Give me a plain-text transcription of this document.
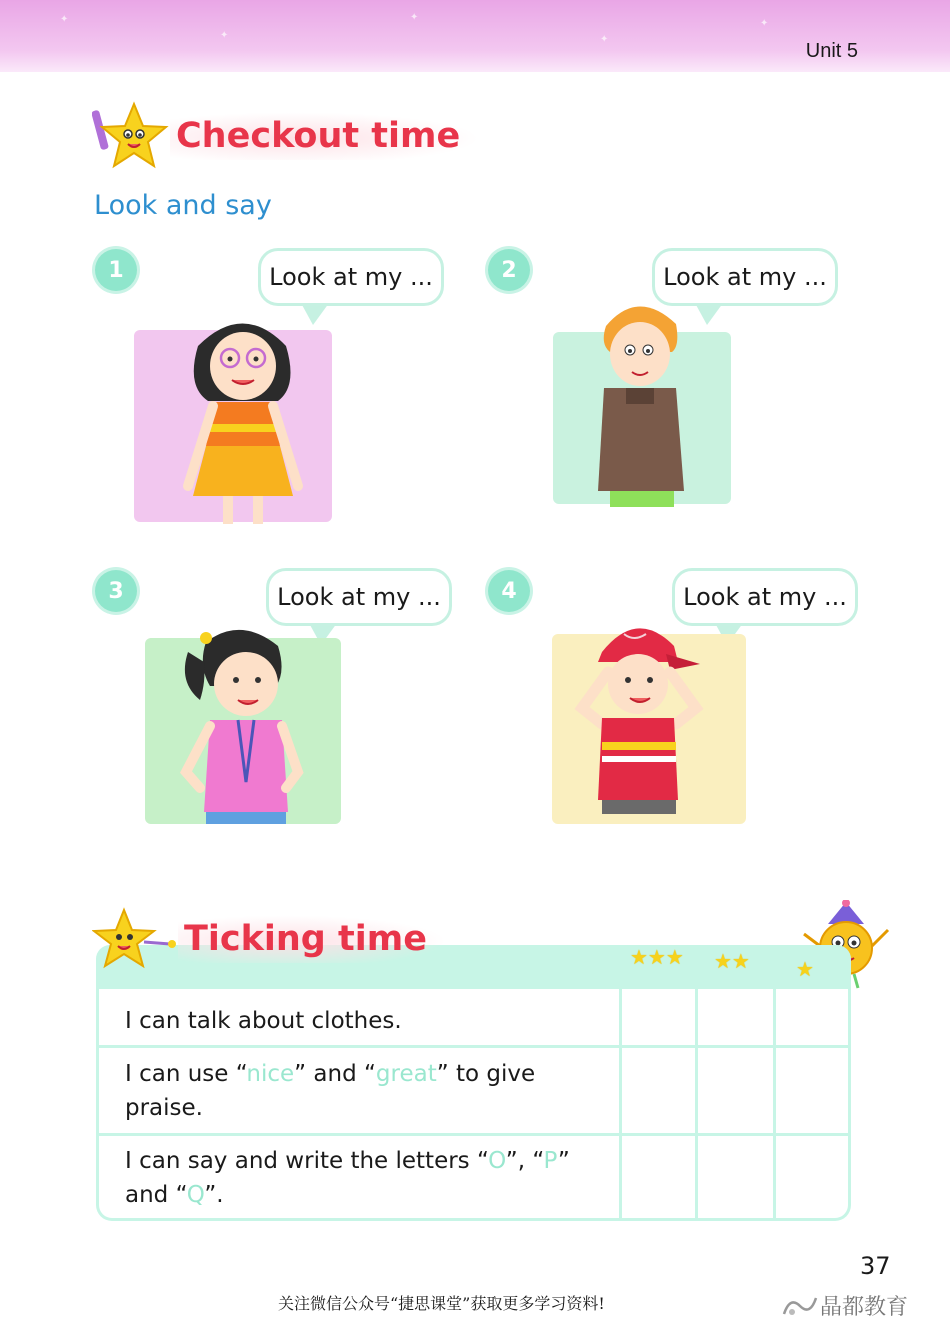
✦
✦
✦
✦
✦
Unit 5
Checkout time
Look and say
1	Look at my ...	2	Look at my ...
3	Look at my ...	4	Look at my ...
Ticking time	★★★ ★★ ★
I can talk about clothes.
I can use “nice” and “great” to give praise.
I can say and write the letters “O”, “P” and “Q”.
37
关注微信公众号“捷思课堂”获取更多学习资料!	晶都教育
